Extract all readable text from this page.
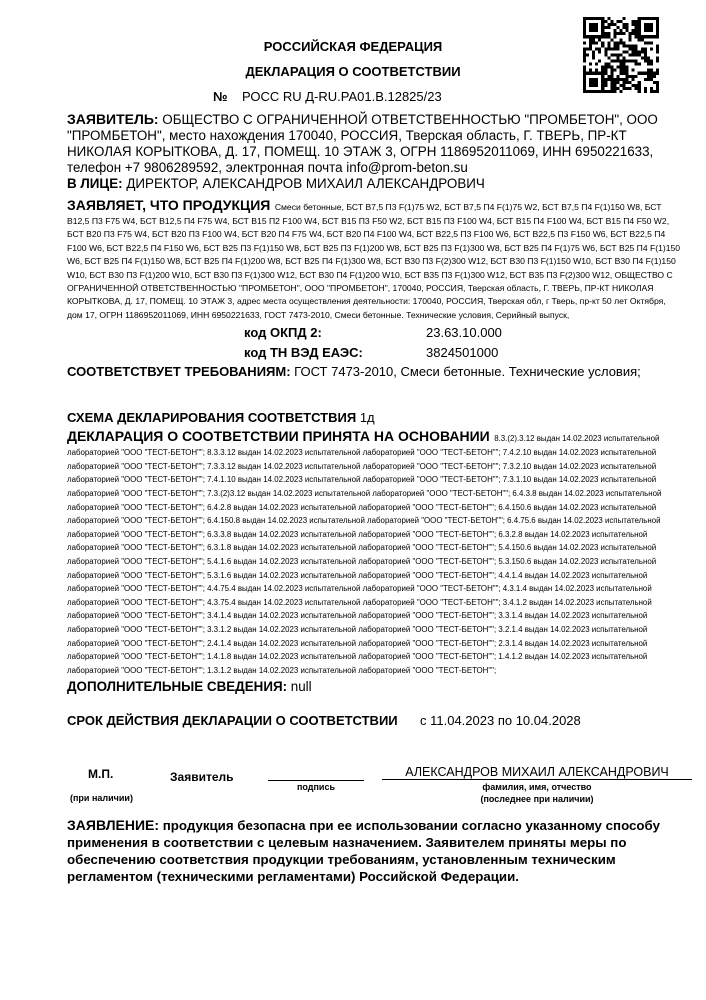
РОССИЙСКАЯ ФЕДЕРАЦИЯ
ДЕКЛАРАЦИЯ О СООТВЕТСТВИИ
№ РОСС RU Д-RU.PA01.B.12825/23
ЗАЯВИТЕЛЬ: ОБЩЕСТВО С ОГРАНИЧЕННОЙ ОТВЕТСТВЕННОСТЬЮ "ПРОМБЕТОН", ООО "ПРОМБЕТОН", место нахождения 170040, РОССИЯ, Тверская область, Г. ТВЕРЬ, ПР-КТ НИКОЛАЯ КОРЫТКОВА, Д. 17, ПОМЕЩ. 10 ЭТАЖ 3, ОГРН 1186952011069, ИНН 6950221633, телефон +7 9806289592, электронная почта info@prom-beton.su
В ЛИЦЕ: ДИРЕКТОР, АЛЕКСАНДРОВ МИХАИЛ АЛЕКСАНДРОВИЧ
ЗАЯВЛЯЕТ, ЧТО ПРОДУКЦИЯ Смеси бетонные, БСТ B7,5 П3 F(1)75 W2, БСТ B7,5 П4 F(1)75 W2, БСТ B7,5 П4 F(1)150 W8, БСТ B12,5 П3 F75 W4, БСТ B12,5 П4 F75 W4, БСТ B15 П2 F100 W4, БСТ B15 П3 F50 W2, БСТ B15 П3 F100 W4, БСТ B15 П4 F100 W4, БСТ B15 П4 F50 W2, БСТ B20 П3 F75 W4, БСТ B20 П3 F100 W4, БСТ B20 П4 F75 W4, БСТ B20 П4 F100 W4, БСТ B22,5 П3 F100 W6, БСТ B22,5 П3 F150 W6, БСТ B22,5 П4 F100 W6, БСТ B22,5 П4 F150 W6, БСТ B25 П3 F(1)150 W8, БСТ B25 П3 F(1)200 W8, БСТ B25 П3 F(1)300 W8, БСТ B25 П4 F(1)75 W6, БСТ B25 П4 F(1)150 W6, БСТ B25 П4 F(1)150 W8, БСТ B25 П4 F(1)200 W8, БСТ B25 П4 F(1)300 W8, БСТ B30 П3 F(2)300 W12, БСТ B30 П3 F(1)150 W10, БСТ B30 П4 F(1)150 W10, БСТ B30 П3 F(1)200 W10, БСТ B30 П3 F(1)300 W12, БСТ B30 П4 F(1)200 W10, БСТ B35 П3 F(1)300 W12, БСТ B35 П3 F(2)300 W12, ОБЩЕСТВО С ОГРАНИЧЕННОЙ ОТВЕТСТВЕННОСТЬЮ "ПРОМБЕТОН", ООО "ПРОМБЕТОН", 170040, РОССИЯ, Тверская область, Г. ТВЕРЬ, ПР-КТ НИКОЛАЯ КОРЫТКОВА, Д. 17, ПОМЕЩ. 10 ЭТАЖ 3, адрес места осуществления деятельности: 170040, РОССИЯ, Тверская обл, г Тверь, пр-кт 50 лет Октября, дом 17, ОГРН 1186952011069, ИНН 6950221633, ГОСТ 7473-2010, Смеси бетонные. Технические условия, Серийный выпуск,
код ОКПД 2:	23.63.10.000
код ТН ВЭД ЕАЭС:	3824501000
СООТВЕТСТВУЕТ ТРЕБОВАНИЯМ: ГОСТ 7473-2010, Смеси бетонные. Технические условия;
СХЕМА ДЕКЛАРИРОВАНИЯ СООТВЕТСТВИЯ 1д
ДЕКЛАРАЦИЯ О СООТВЕТСТВИИ ПРИНЯТА НА ОСНОВАНИИ 8.3.(2).3.12 выдан 14.02.2023 испытательной лабораторией "ООО "ТЕСТ-БЕТОН""; 8.3.3.12 выдан 14.02.2023 испытательной лабораторией "ООО "ТЕСТ-БЕТОН""; 7.4.2.10 выдан 14.02.2023 испытательной лабораторией "ООО "ТЕСТ-БЕТОН""; 7.3.3.12 выдан 14.02.2023 испытательной лабораторией "ООО "ТЕСТ-БЕТОН""; 7.3.2.10 выдан 14.02.2023 испытательной лабораторией "ООО "ТЕСТ-БЕТОН""; 7.4.1.10 выдан 14.02.2023 испытательной лабораторией "ООО "ТЕСТ-БЕТОН""; 7.3.1.10 выдан 14.02.2023 испытательной лабораторией "ООО "ТЕСТ-БЕТОН""; 7.3.(2)3.12 выдан 14.02.2023 испытательной лабораторией "ООО "ТЕСТ-БЕТОН""; 6.4.3.8 выдан 14.02.2023 испытательной лабораторией "ООО "ТЕСТ-БЕТОН""; 6.4.2.8 выдан 14.02.2023 испытательной лабораторией "ООО "ТЕСТ-БЕТОН""; 6.4.150.6 выдан 14.02.2023 испытательной лабораторией "ООО "ТЕСТ-БЕТОН""; 6.4.150.8 выдан 14.02.2023 испытательной лабораторией "ООО "ТЕСТ-БЕТОН""; 6.4.75.6 выдан 14.02.2023 испытательной лабораторией "ООО "ТЕСТ-БЕТОН""; 6.3.3.8 выдан 14.02.2023 испытательной лабораторией "ООО "ТЕСТ-БЕТОН""; 6.3.2.8 выдан 14.02.2023 испытательной лабораторией "ООО "ТЕСТ-БЕТОН""; 6.3.1.8 выдан 14.02.2023 испытательной лабораторией "ООО "ТЕСТ-БЕТОН""; 5.4.150.6 выдан 14.02.2023 испытательной лабораторией "ООО "ТЕСТ-БЕТОН""; 5.4.1.6 выдан 14.02.2023 испытательной лабораторией "ООО "ТЕСТ-БЕТОН""; 5.3.150.6 выдан 14.02.2023 испытательной лабораторией "ООО "ТЕСТ-БЕТОН""; 5.3.1.6 выдан 14.02.2023 испытательной лабораторией "ООО "ТЕСТ-БЕТОН""; 4.4.1.4 выдан 14.02.2023 испытательной лабораторией "ООО "ТЕСТ-БЕТОН""; 4.4.75.4 выдан 14.02.2023 испытательной лабораторией "ООО "ТЕСТ-БЕТОН""; 4.3.1.4 выдан 14.02.2023 испытательной лабораторией "ООО "ТЕСТ-БЕТОН""; 4.3.75.4 выдан 14.02.2023 испытательной лабораторией "ООО "ТЕСТ-БЕТОН""; 3.4.1.2 выдан 14.02.2023 испытательной лабораторией "ООО "ТЕСТ-БЕТОН""; 3.4.1.4 выдан 14.02.2023 испытательной лабораторией "ООО "ТЕСТ-БЕТОН""; 3.3.1.4 выдан 14.02.2023 испытательной лабораторией "ООО "ТЕСТ-БЕТОН""; 3.3.1.2 выдан 14.02.2023 испытательной лабораторией "ООО "ТЕСТ-БЕТОН""; 3.2.1.4 выдан 14.02.2023 испытательной лабораторией "ООО "ТЕСТ-БЕТОН""; 2.4.1.4 выдан 14.02.2023 испытательной лабораторией "ООО "ТЕСТ-БЕТОН""; 2.3.1.4 выдан 14.02.2023 испытательной лабораторией "ООО "ТЕСТ-БЕТОН""; 1.4.1.8 выдан 14.02.2023 испытательной лабораторией "ООО "ТЕСТ-БЕТОН""; 1.4.1.2 выдан 14.02.2023 испытательной лабораторией "ООО "ТЕСТ-БЕТОН""; 1.3.1.2 выдан 14.02.2023 испытательной лабораторией "ООО "ТЕСТ-БЕТОН"";
ДОПОЛНИТЕЛЬНЫЕ СВЕДЕНИЯ: null
СРОК ДЕЙСТВИЯ ДЕКЛАРАЦИИ О СООТВЕТСТВИИ	с 11.04.2023 по 10.04.2028
М.П.
(при наличии)
Заявитель
подпись
АЛЕКСАНДРОВ МИХАИЛ АЛЕКСАНДРОВИЧ
фамилия, имя, отчество
(последнее при наличии)
ЗАЯВЛЕНИЕ: продукция безопасна при ее использовании согласно указанному способу применения в соответствии с целевым назначением. Заявителем приняты меры по обеспечению соответствия продукции требованиям, установленным техническим регламентом (техническими регламентами) Российской Федерации.
